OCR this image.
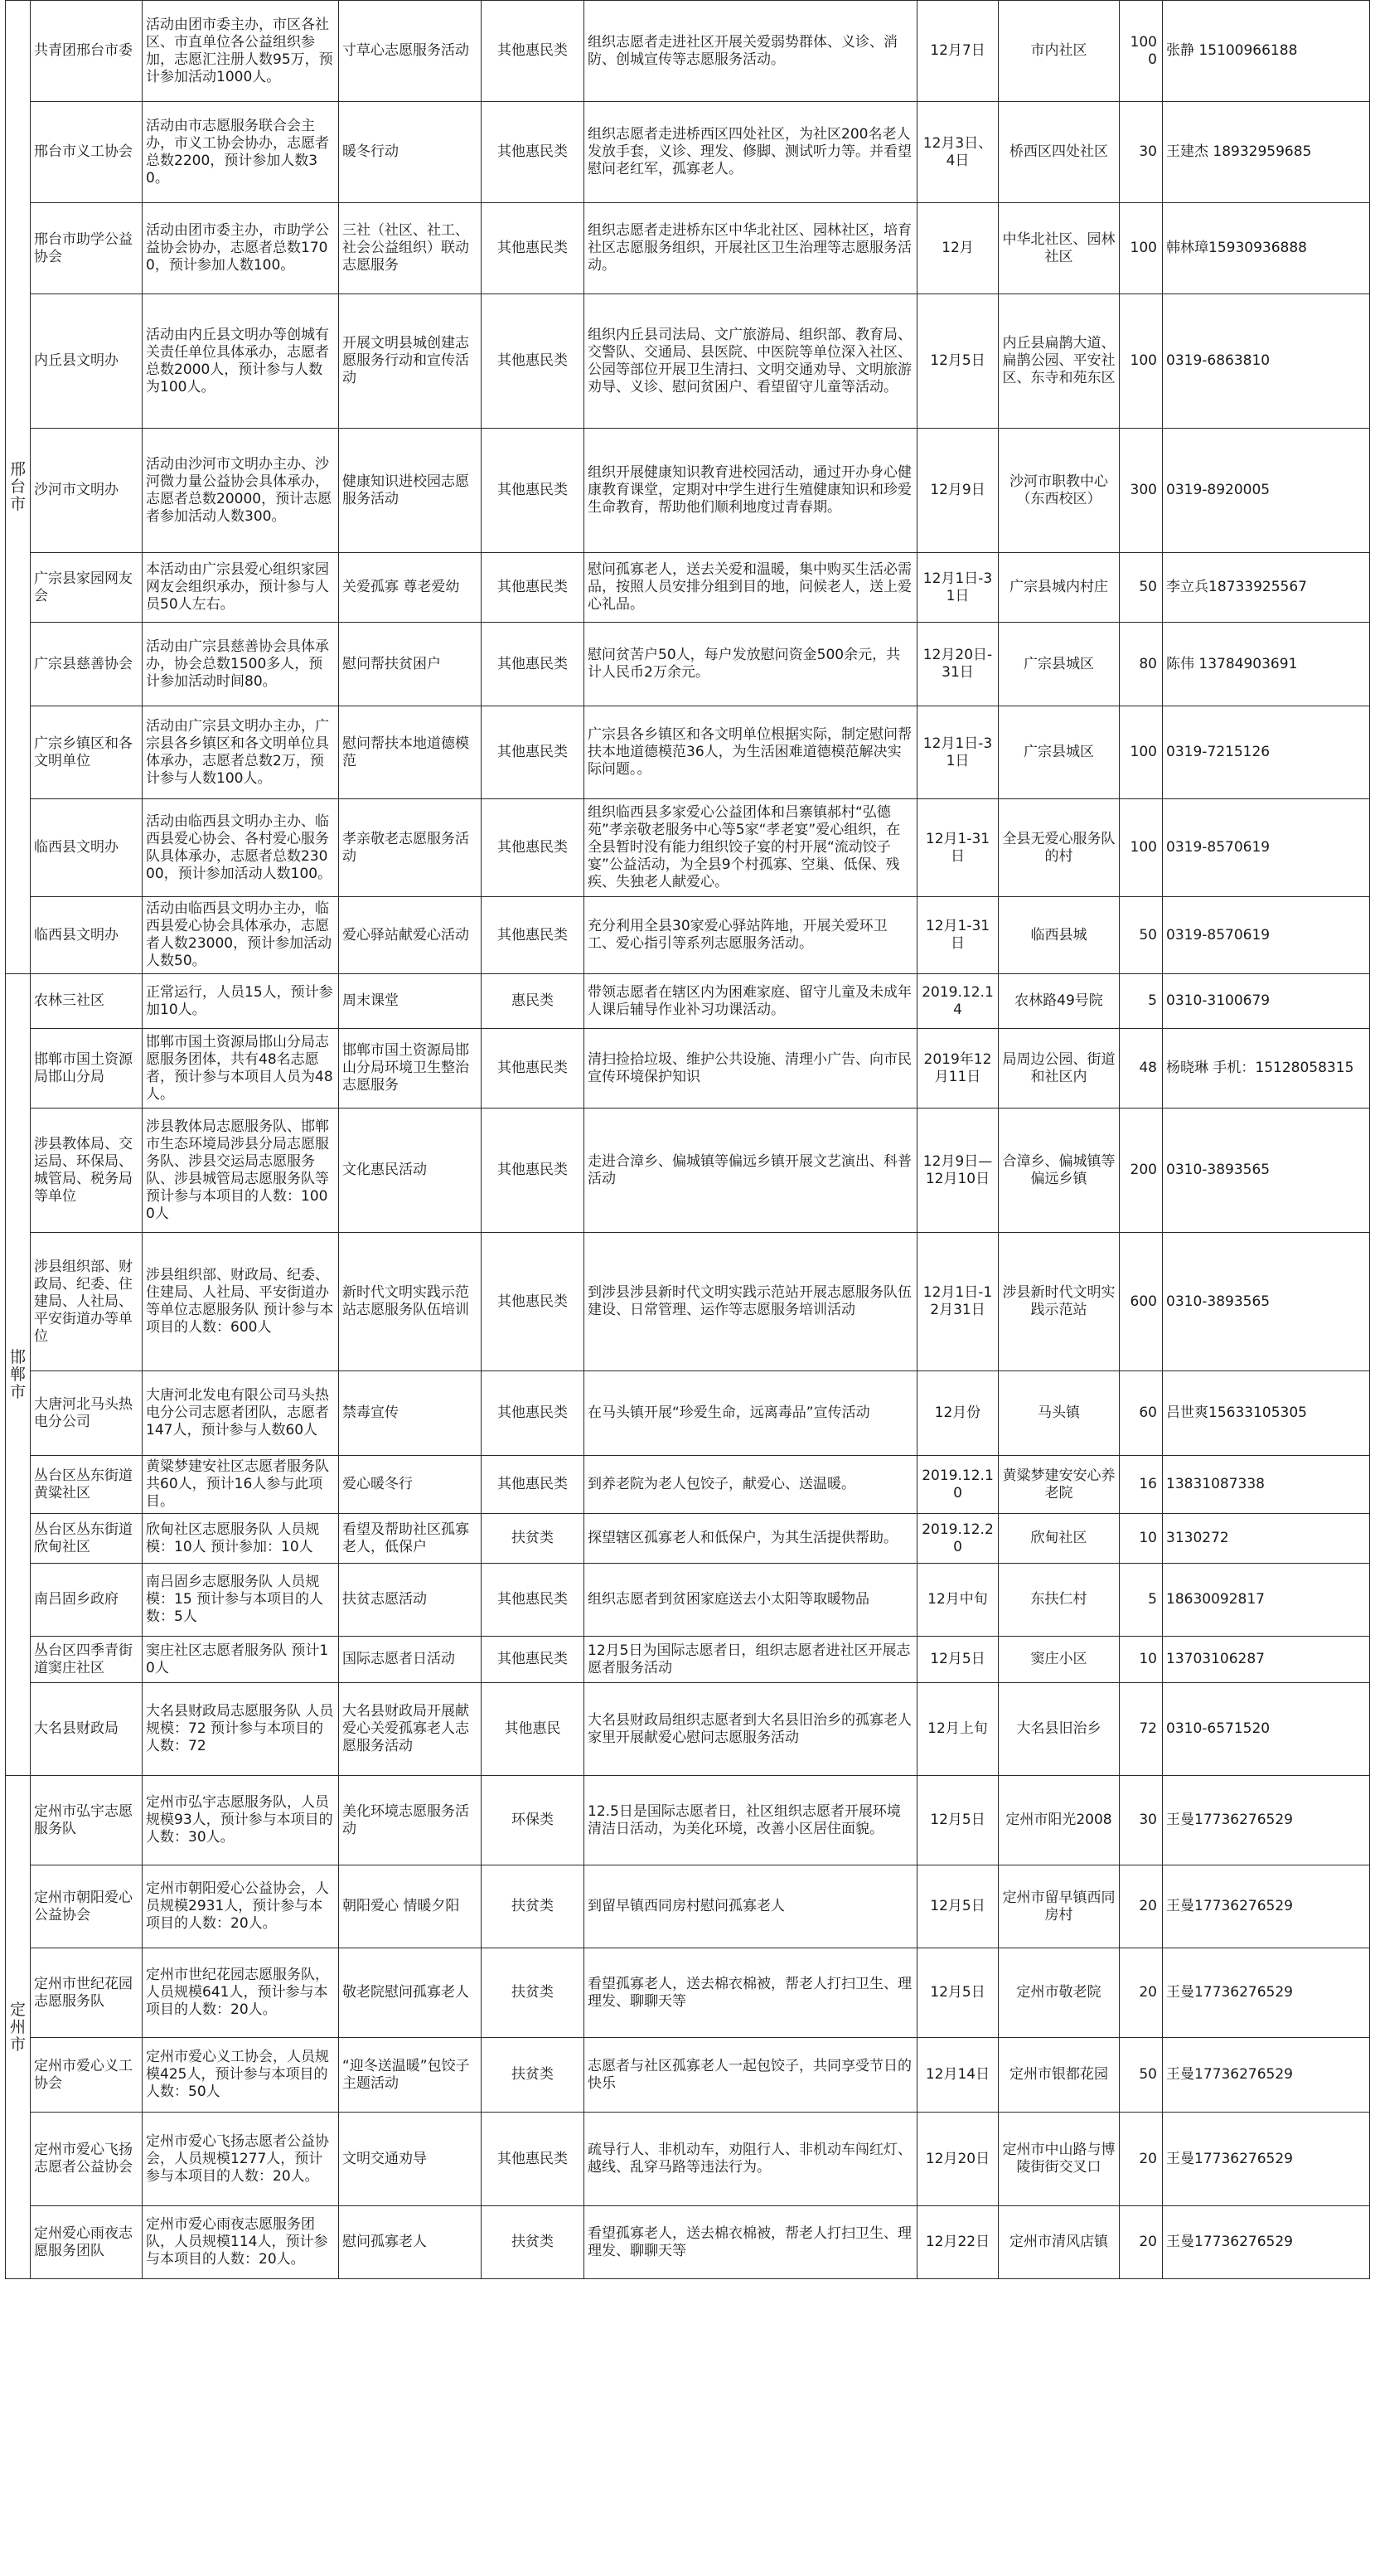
邢台市	共青团邢台市委	活动由团市委主办，市区各社区、市直单位各公益组织参加，志愿汇注册人数95万，预计参加活动1000人。	寸草心志愿服务活动	其他惠民类	组织志愿者走进社区开展关爱弱势群体、义诊、消防、创城宣传等志愿服务活动。	12月7日	市内社区	1000	张静 15100966188
	邢台市义工协会	活动由市志愿服务联合会主办，市义工协会协办，志愿者总数2200，预计参加人数30。	暖冬行动	其他惠民类	组织志愿者走进桥西区四处社区，为社区200名老人发放手套，义诊、理发、修脚、测试听力等。并看望慰问老红军，孤寡老人。	12月3日、4日	桥西区四处社区	30	王建杰 18932959685
	邢台市助学公益协会	活动由团市委主办，市助学公益协会协办，志愿者总数1700，预计参加人数100。	三社（社区、社工、社会公益组织）联动志愿服务	其他惠民类	组织志愿者走进桥东区中华北社区、园林社区，培育社区志愿服务组织，开展社区卫生治理等志愿服务活动。	12月	中华北社区、园林社区	100	韩林璋15930936888
	内丘县文明办	活动由内丘县文明办等创城有关责任单位具体承办，志愿者总数2000人，预计参与人数为100人。	开展文明县城创建志愿服务行动和宣传活动	其他惠民类	组织内丘县司法局、文广旅游局、组织部、教育局、交警队、交通局、县医院、中医院等单位深入社区、公园等部位开展卫生清扫、文明交通劝导、文明旅游劝导、义诊、慰问贫困户、看望留守儿童等活动。	12月5日	内丘县扁鹊大道、扁鹊公园、平安社区、东寺和苑东区	100	0319-6863810
	沙河市文明办	活动由沙河市文明办主办、沙河微力量公益协会具体承办，志愿者总数20000，预计志愿者参加活动人数300。	健康知识进校园志愿服务活动	其他惠民类	组织开展健康知识教育进校园活动，通过开办身心健康教育课堂，定期对中学生进行生殖健康知识和珍爱生命教育，帮助他们顺利地度过青春期。	12月9日	沙河市职教中心（东西校区）	300	0319-8920005
	广宗县家园网友会	本活动由广宗县爱心组织家园网友会组织承办，预计参与人员50人左右。	关爱孤寡 尊老爱幼	其他惠民类	慰问孤寡老人，送去关爱和温暖，集中购买生活必需品，按照人员安排分组到目的地，问候老人，送上爱心礼品。	12月1日-31日	广宗县城内村庄	50	李立兵18733925567
	广宗县慈善协会	活动由广宗县慈善协会具体承办，协会总数1500多人，预计参加活动时间80。	慰问帮扶贫困户	其他惠民类	慰问贫苦户50人，每户发放慰问资金500余元，共计人民币2万余元。	12月20日-31日	广宗县城区	80	陈伟 13784903691
	广宗乡镇区和各文明单位	活动由广宗县文明办主办，广宗县各乡镇区和各文明单位具体承办，志愿者总数2万，预计参与人数100人。	慰问帮扶本地道德模范	其他惠民类	广宗县各乡镇区和各文明单位根据实际，制定慰问帮扶本地道德模范36人，为生活困难道德模范解决实际问题。。	12月1日-31日	广宗县城区	100	0319-7215126
	临西县文明办	活动由临西县文明办主办、临西县爱心协会、各村爱心服务队具体承办，志愿者总数23000，预计参加活动人数100。	孝亲敬老志愿服务活动	其他惠民类	组织临西县多家爱心公益团体和吕寨镇郝村“弘德苑”孝亲敬老服务中心等5家“孝老宴”爱心组织，在全县暂时没有能力组织饺子宴的村开展“流动饺子宴”公益活动，为全县9个村孤寡、空巢、低保、残疾、失独老人献爱心。	12月1-31日	全县无爱心服务队的村	100	0319-8570619
	临西县文明办	活动由临西县文明办主办，临西县爱心协会具体承办，志愿者人数23000，预计参加活动人数50。	爱心驿站献爱心活动	其他惠民类	充分利用全县30家爱心驿站阵地，开展关爱环卫工、爱心指引等系列志愿服务活动。	12月1-31日	临西县城	50	0319-8570619
邯郸市	农林三社区	正常运行，人员15人，预计参加10人。	周末课堂	惠民类	带领志愿者在辖区内为困难家庭、留守儿童及未成年人课后辅导作业补习功课活动。	2019.12.14	农林路49号院	5	0310-3100679
	邯郸市国土资源局邯山分局	邯郸市国土资源局邯山分局志愿服务团体，共有48名志愿者，预计参与本项目人员为48人。	邯郸市国土资源局邯山分局环境卫生整治志愿服务	其他惠民类	清扫捡拾垃圾、维护公共设施、清理小广告、向市民宣传环境保护知识	2019年12月11日	局周边公园、街道和社区内	48	杨晓琳 手机：15128058315
	涉县教体局、交运局、环保局、城管局、税务局等单位	涉县教体局志愿服务队、邯郸市生态环境局涉县分局志愿服务队、涉县交运局志愿服务队、涉县城管局志愿服务队等 预计参与本项目的人数：1000人	文化惠民活动	其他惠民类	走进合漳乡、偏城镇等偏远乡镇开展文艺演出、科普活动	12月9日—12月10日	合漳乡、偏城镇等偏远乡镇	200	0310-3893565
	涉县组织部、财政局、纪委、住建局、人社局、平安街道办等单位	涉县组织部、财政局、纪委、住建局、人社局、平安街道办等单位志愿服务队 预计参与本项目的人数：600人	新时代文明实践示范站志愿服务队伍培训	其他惠民类	到涉县涉县新时代文明实践示范站开展志愿服务队伍建设、日常管理、运作等志愿服务培训活动	12月1日-12月31日	涉县新时代文明实践示范站	600	0310-3893565
	大唐河北马头热电分公司	大唐河北发电有限公司马头热电分公司志愿者团队，志愿者147人，预计参与人数60人	禁毒宣传	其他惠民类	在马头镇开展“珍爱生命，远离毒品”宣传活动	12月份	马头镇	60	吕世爽15633105305
	丛台区丛东街道黄粱社区	黄粱梦建安社区志愿者服务队共60人，预计16人参与此项目。	爱心暖冬行	其他惠民类	到养老院为老人包饺子，献爱心、送温暖。	2019.12.10	黄粱梦建安安心养老院	16	13831087338
	丛台区丛东街道欣甸社区	欣甸社区志愿服务队 人员规模：10人 预计参加：10人	看望及帮助社区孤寡老人，低保户	扶贫类	探望辖区孤寡老人和低保户，为其生活提供帮助。	2019.12.20	欣甸社区	10	3130272
	南吕固乡政府	南吕固乡志愿服务队 人员规模：15 预计参与本项目的人数：5人	扶贫志愿活动	其他惠民类	组织志愿者到贫困家庭送去小太阳等取暖物品	12月中旬	东扶仁村	5	18630092817
	丛台区四季青街道窦庄社区	窦庄社区志愿者服务队 预计10人	国际志愿者日活动	其他惠民类	12月5日为国际志愿者日，组织志愿者进社区开展志愿者服务活动	12月5日	窦庄小区	10	13703106287
	大名县财政局	大名县财政局志愿服务队 人员规模：72 预计参与本项目的人数：72	大名县财政局开展献爱心关爱孤寡老人志愿服务活动	其他惠民	大名县财政局组织志愿者到大名县旧治乡的孤寡老人家里开展献爱心慰问志愿服务活动	12月上旬	大名县旧治乡	72	0310-6571520
定州市	定州市弘宇志愿服务队	定州市弘宇志愿服务队，人员规模93人，预计参与本项目的人数：30人。	美化环境志愿服务活动	环保类	12.5日是国际志愿者日，社区组织志愿者开展环境清洁日活动，为美化环境，改善小区居住面貌。	12月5日	定州市阳光2008	30	王曼17736276529
	定州市朝阳爱心公益协会	定州市朝阳爱心公益协会，人员规模2931人，预计参与本项目的人数：20人。	朝阳爱心 情暖夕阳	扶贫类	到留早镇西同房村慰问孤寡老人	12月5日	定州市留早镇西同房村	20	王曼17736276529
	定州市世纪花园志愿服务队	定州市世纪花园志愿服务队，人员规模641人，预计参与本项目的人数：20人。	敬老院慰问孤寡老人	扶贫类	看望孤寡老人，送去棉衣棉被，帮老人打扫卫生、理理发、聊聊天等	12月5日	定州市敬老院	20	王曼17736276529
	定州市爱心义工协会	定州市爱心义工协会，人员规模425人，预计参与本项目的人数：50人	“迎冬送温暖”包饺子主题活动	扶贫类	志愿者与社区孤寡老人一起包饺子，共同享受节日的快乐	12月14日	定州市银都花园	50	王曼17736276529
	定州市爱心飞扬志愿者公益协会	定州市爱心飞扬志愿者公益协会，人员规模1277人，预计参与本项目的人数：20人。	文明交通劝导	其他惠民类	疏导行人、非机动车，劝阻行人、非机动车闯红灯、越线、乱穿马路等违法行为。	12月20日	定州市中山路与博陵街街交叉口	20	王曼17736276529
	定州爱心雨夜志愿服务团队	定州市爱心雨夜志愿服务团队，人员规模114人，预计参与本项目的人数：20人。	慰问孤寡老人	扶贫类	看望孤寡老人，送去棉衣棉被，帮老人打扫卫生、理理发、聊聊天等	12月22日	定州市清风店镇	20	王曼17736276529
